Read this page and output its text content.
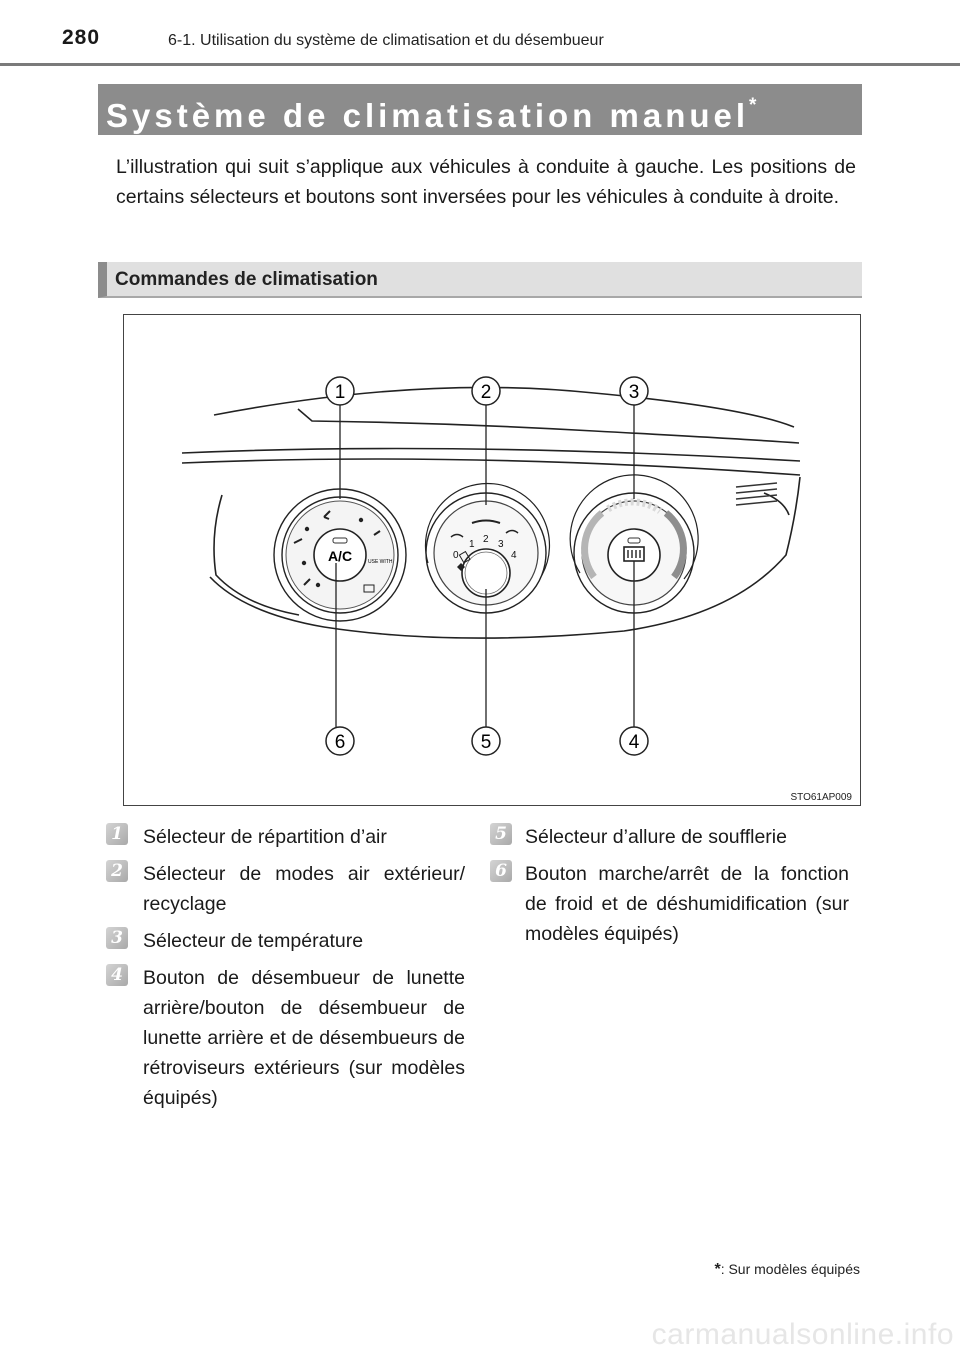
280	6-1. Utilisation du système de climatisation et du désembueur
Système de climatisation manuel*

L’illustration qui suit s’applique aux véhicules à conduite à gauche. Les positions de certains sélecteurs et boutons sont inversées pour les véhicules à conduite à droite.

Commandes de climatisation
A/C	USE WITH
0
1 2 3
4
1	2	3
4
5
6
STO61AP009
1 Sélecteur de répartition d’air
2 Sélecteur de modes air extérieur/ recyclage
3 Sélecteur de température
4 Bouton de désembueur de lunette arrière/bouton de désembueur de lunette arrière et de désembueurs de rétroviseurs extérieurs (sur modèles équipés)
5 Sélecteur d’allure de soufflerie
6 Bouton marche/arrêt de la fonction de froid et de déshumidification (sur modèles équipés)
*: Sur modèles équipés
carmanualsonline.info
